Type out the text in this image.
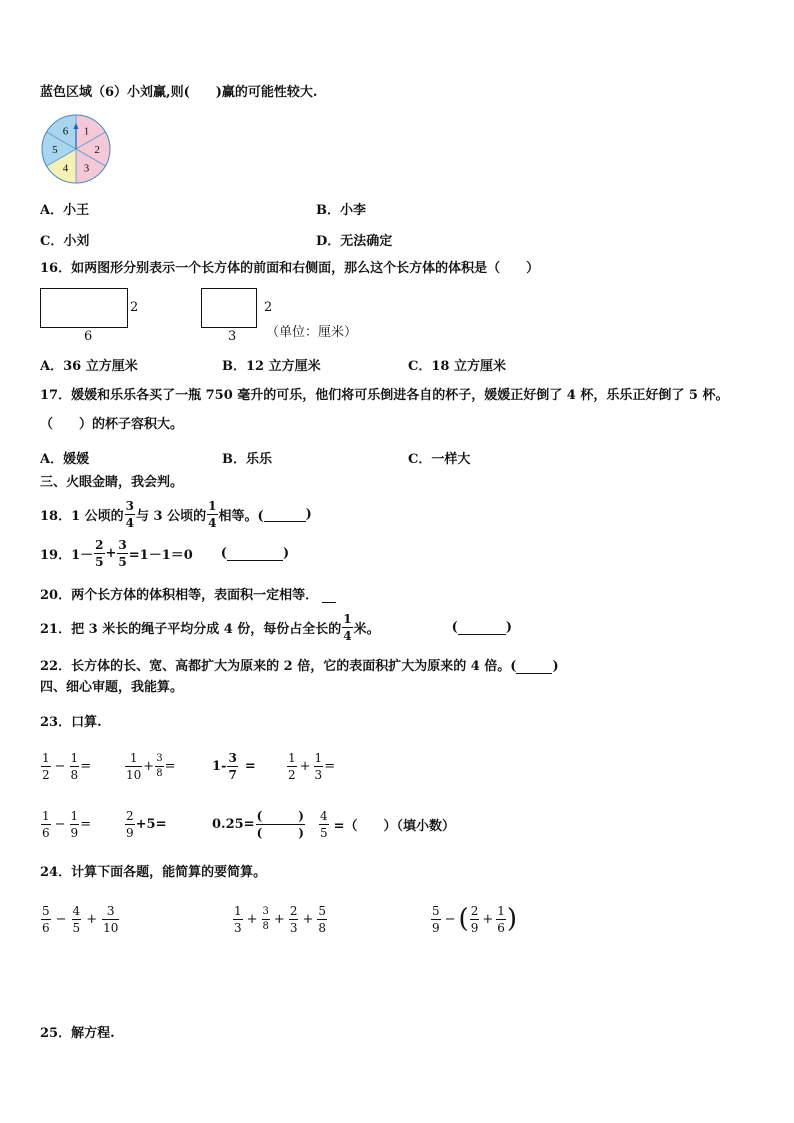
蓝色区域（6）小刘赢,则(　　)赢的可能性较大.
1
2
3
4
5
6
A．小王	B．小李
C．小刘	D．无法确定
16．如两图形分别表示一个长方体的前面和右侧面，那么这个长方体的体积是（　　）
2
6
2
3 （单位：厘米）
A．36 立方厘米	B．12 立方厘米	C．18 立方厘米
17．媛媛和乐乐各买了一瓶 750 毫升的可乐，他们将可乐倒进各自的杯子，媛媛正好倒了 4 杯，乐乐正好倒了 5 杯。
（　　）的杯子容积大。
A．媛媛	B．乐乐	C．一样大
三、火眼金睛，我会判。
18．1 公顷的 $\frac{3}{4}$ 与 3 公顷的 $\frac{1}{4}$ 相等。(
	)
19．$1- \frac{2}{5} + \frac{3}{5} =1-1=0$ (
	)
20．两个长方体的体积相等，表面积一定相等．

21．把 3 米长的绳子平均分成 4 份，每份占全长的 $\frac{1}{4}$ 米。	(
	)
22．长方体的长、宽、高都扩大为原来的 2 倍，它的表面积扩大为原来的 4 倍。(
	)
四、细心审题，我能算。
23．口算.
$\frac{1}{2} - \frac{1}{8}$ =	$\frac{1}{10} + \frac{3}{8}$ =	$1- \frac{3}{7}$ =	$\frac{1}{2} + \frac{1}{3}$ =
$\frac{1}{6} - \frac{1}{9}$ =	$\frac{2}{9} +5=$	$0.25= \frac{( )}{( )} \frac{4}{5}$ =（　　）（填小数）
24．计算下面各题，能简算的要简算。
$\frac{5}{6} - \frac{4}{5} + \frac{3}{10}$	$\frac{1}{3} + \frac{3}{8} + \frac{2}{3} + \frac{5}{8}$	$\frac{5}{9}$ − ( $\frac{2}{9} + \frac{1}{6}$ )
25．解方程.
